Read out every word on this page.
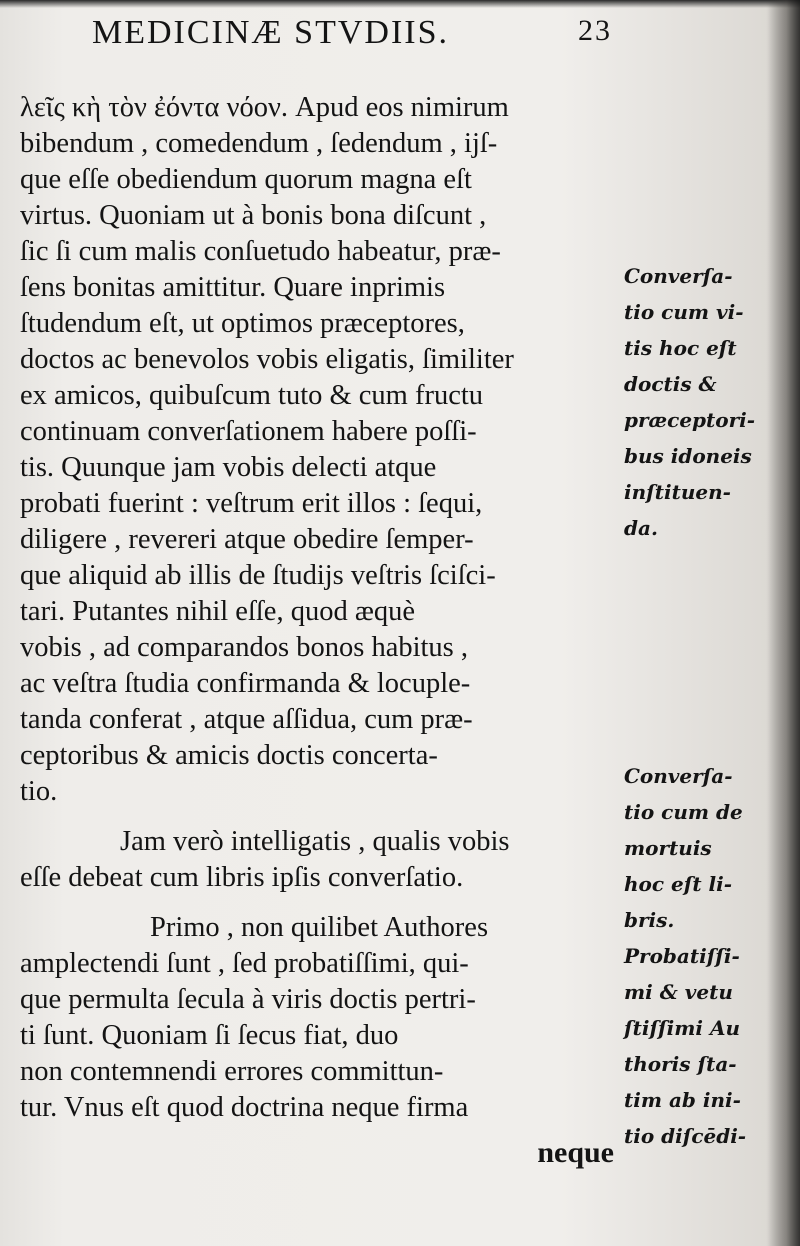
MEDICINÆ STVDIIS.	23
λεῖς κὴ τὸν ἐόντα νόον. Apud eos nimirum
bibendum , comedendum , ſedendum , ijſ-
que eſſe obediendum quorum magna eſt
virtus. Quoniam ut à bonis bona diſcunt ,
ſic ſi cum malis conſuetudo habeatur, præ-
ſens bonitas amittitur. Quare inprimis
ſtudendum eſt, ut optimos præceptores,
doctos ac benevolos vobis eligatis, ſimiliter
ex amicos, quibuſcum tuto & cum fructu
continuam converſationem habere poſſi-
tis. Quunque jam vobis delecti atque
probati fuerint : veſtrum erit illos : ſequi,
diligere , revereri atque obedire ſemper-
que aliquid ab illis de ſtudijs veſtris ſciſci-
tari. Putantes nihil eſſe, quod æquè
vobis , ad comparandos bonos habitus ,
ac veſtra ſtudia confirmanda & locuple-
tanda conferat , atque aſſidua, cum præ-
ceptoribus & amicis doctis concerta-
tio.
Jam verò intelligatis , qualis vobis
eſſe debeat cum libris ipſis converſatio.
Primo , non quilibet Authores
amplectendi ſunt , ſed probatiſſimi, qui-
que permulta ſecula à viris doctis pertri-
ti ſunt. Quoniam ſi ſecus fiat, duo
non contemnendi errores committun-
tur. Vnus eſt quod doctrina neque firma
Converſa-
tio cum vi-
tis hoc eſt
doctis &
præceptori-
bus idoneis
inſtituen-
da.
Converſa-
tio cum de
mortuis
hoc eſt li-
bris.
Probatiſſi-
mi & vetu
ſtiſſimi Au
thoris ſta-
tim ab ini-
tio diſcēdi-
neque
